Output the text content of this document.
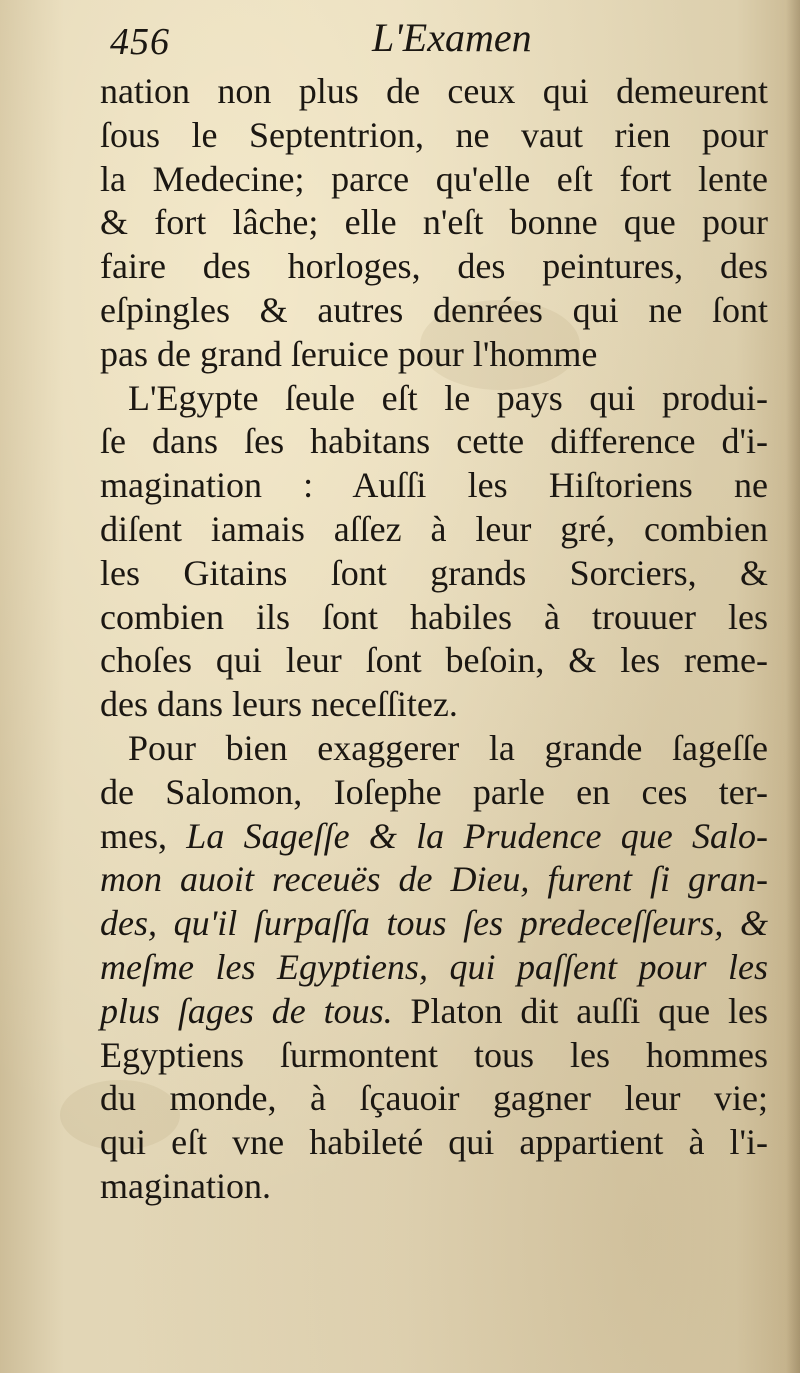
456	L'Examen
nation non plus de ceux qui demeurent
ſous le Septentrion, ne vaut rien pour
la Medecine; parce qu'elle eſt fort lente
& fort lâche; elle n'eſt bonne que pour
faire des horloges, des peintures, des
eſpingles & autres denrées qui ne ſont
pas de grand ſeruice pour l'homme
L'Egypte ſeule eſt le pays qui produi-
ſe dans ſes habitans cette difference d'i-
magination : Auſſi les Hiſtoriens ne
diſent iamais aſſez à leur gré, combien
les Gitains ſont grands Sorciers, &
combien ils ſont habiles à trouuer les
choſes qui leur ſont beſoin, & les reme-
des dans leurs neceſſitez.
Pour bien exaggerer la grande ſageſſe
de Salomon, Ioſephe parle en ces ter-
mes, La Sageſſe & la Prudence que Salo-
mon auoit receuës de Dieu, furent ſi gran-
des, qu'il ſurpaſſa tous ſes predeceſſeurs, &
meſme les Egyptiens, qui paſſent pour les
plus ſages de tous. Platon dit auſſi que les
Egyptiens ſurmontent tous les hommes
du monde, à ſçauoir gagner leur vie;
qui eſt vne habileté qui appartient à l'i-
magination.
